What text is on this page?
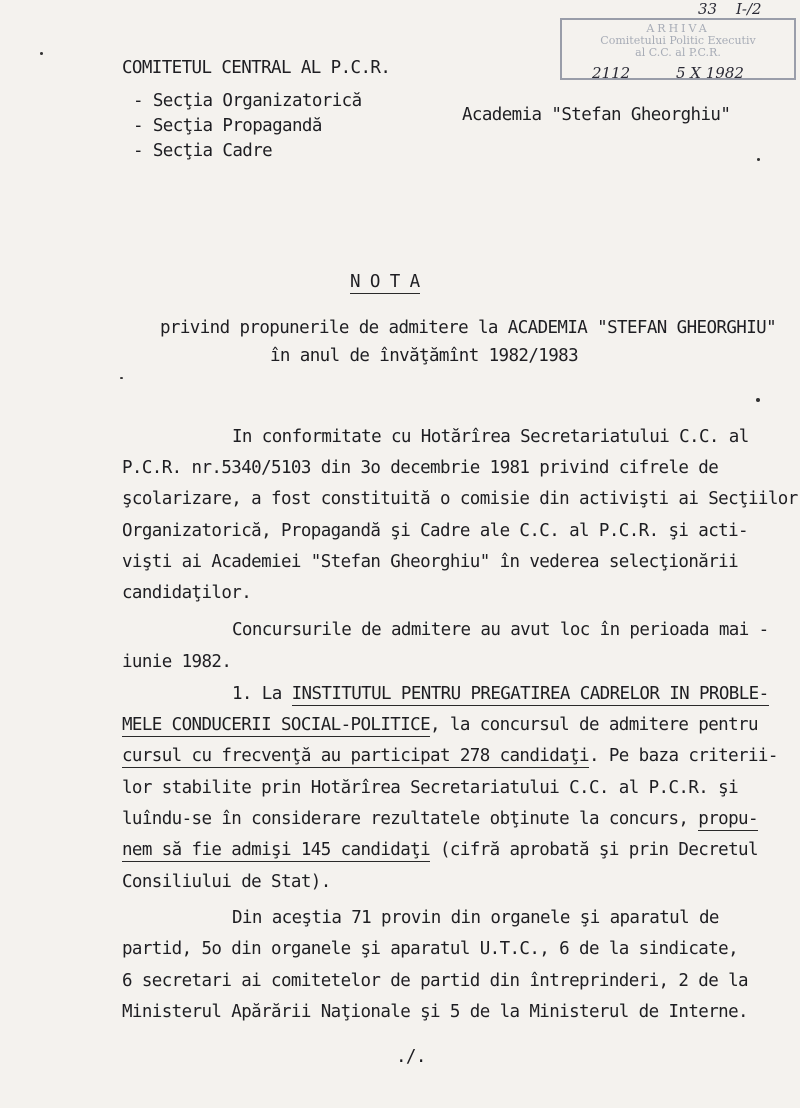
33 I-/2
ARHIVA
Comitetului Politic Executiv
al C.C. al P.C.R.
2112	5 X 1982
COMITETUL CENTRAL AL P.C.R.
- Secţia Organizatorică
- Secţia Propagandă
- Secţia Cadre
Academia "Stefan Gheorghiu"
N O T A
privind propunerile de admitere la ACADEMIA "STEFAN GHEORGHIU"
în anul de învăţămînt 1982/1983
In conformitate cu Hotărîrea Secretariatului C.C. al
P.C.R. nr.5340/5103 din 3o decembrie 1981 privind cifrele de
şcolarizare, a fost constituită o comisie din activişti ai Secţiilor
Organizatorică, Propagandă şi Cadre ale C.C. al P.C.R. şi acti-
vişti ai Academiei "Stefan Gheorghiu" în vederea selecţionării
candidaţilor.
Concursurile de admitere au avut loc în perioada mai -
iunie 1982.
1. La INSTITUTUL PENTRU PREGATIREA CADRELOR IN PROBLE-
MELE CONDUCERII SOCIAL-POLITICE, la concursul de admitere pentru
cursul cu frecvenţă au participat 278 candidaţi. Pe baza criterii-
lor stabilite prin Hotărîrea Secretariatului C.C. al P.C.R. şi
luîndu-se în considerare rezultatele obţinute la concurs, propu-
nem să fie admişi 145 candidaţi (cifră aprobată şi prin Decretul
Consiliului de Stat).
Din aceştia 71 provin din organele şi aparatul de
partid, 5o din organele şi aparatul U.T.C., 6 de la sindicate,
6 secretari ai comitetelor de partid din întreprinderi, 2 de la
Ministerul Apărării Naţionale şi 5 de la Ministerul de Interne.
./.
